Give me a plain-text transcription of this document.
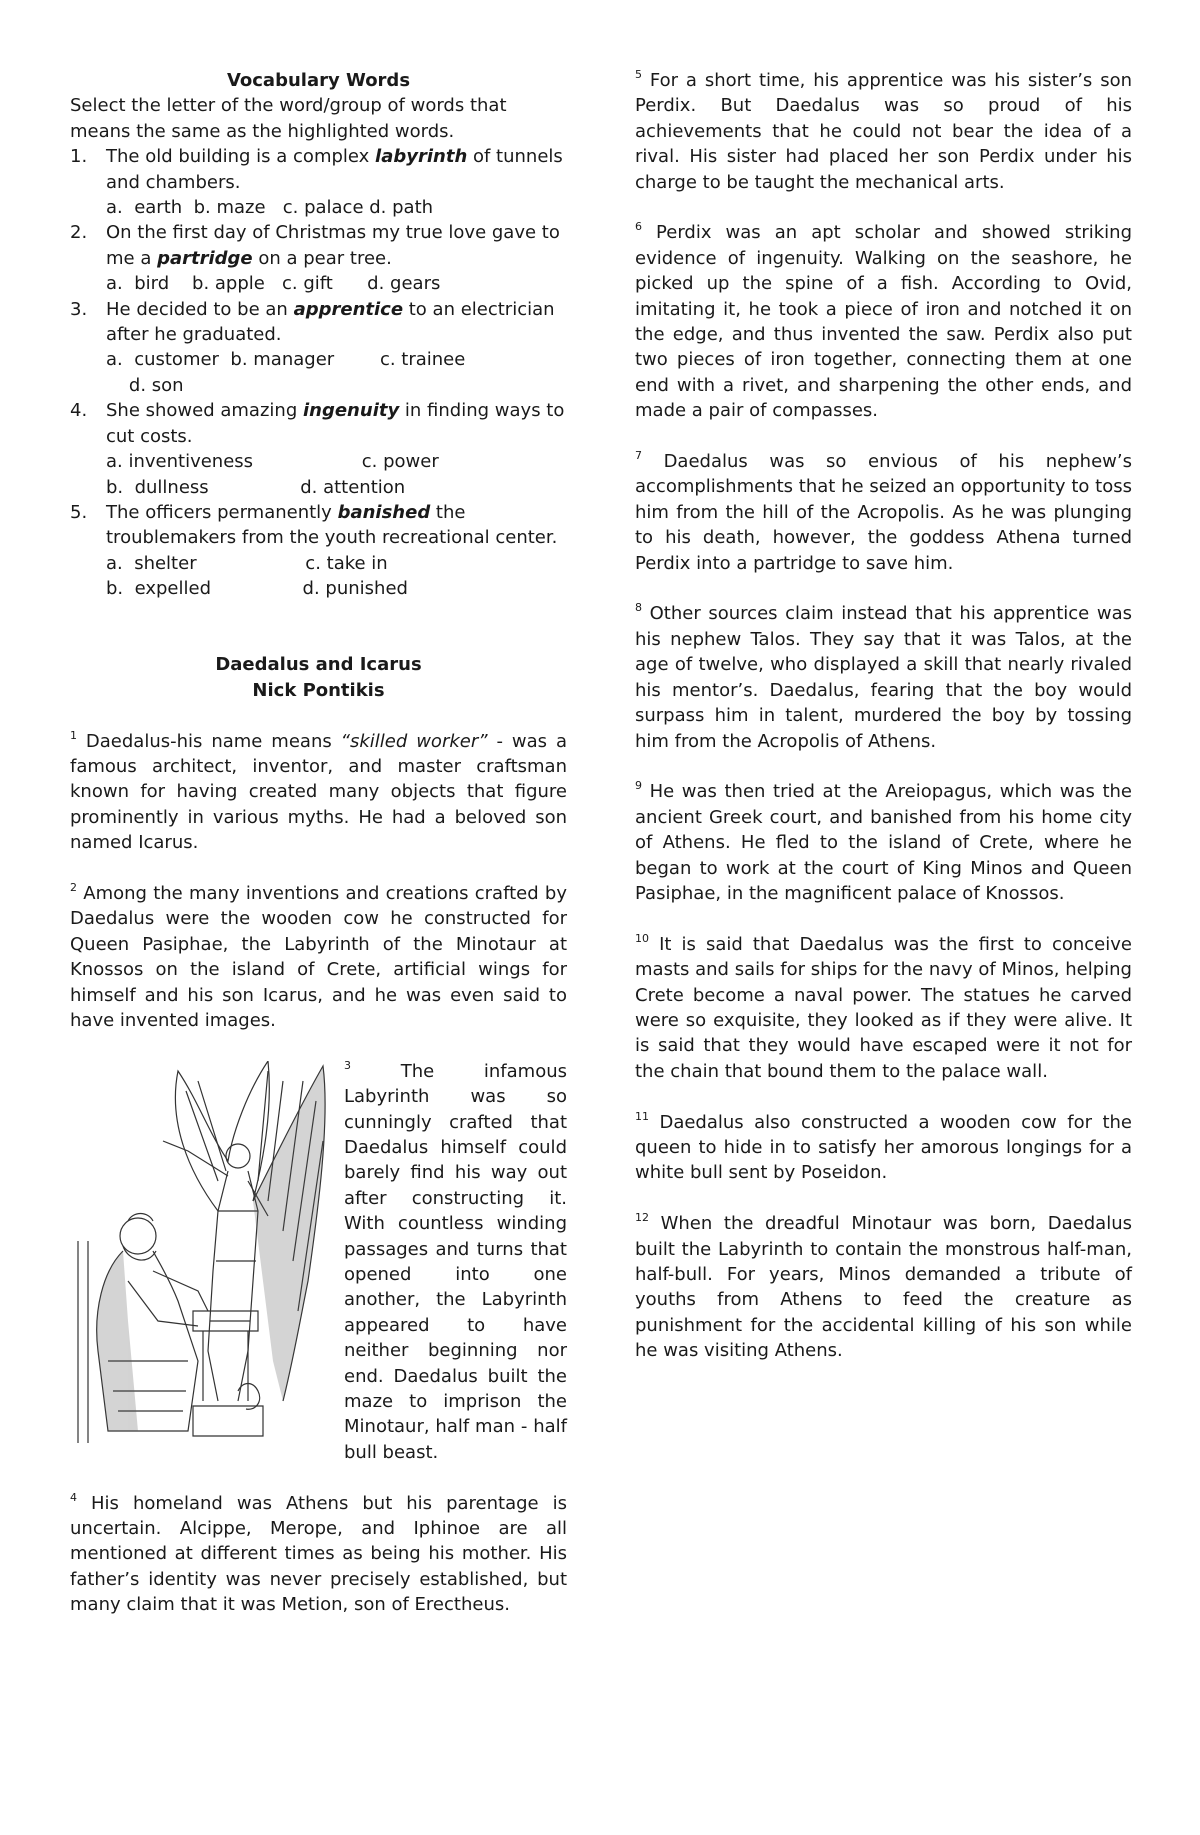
Vocabulary Words

Select the letter of the word/group of words that means the same as the highlighted words.

1.	The old building is a complex labyrinth of tunnels and chambers.
a.  earth  b. maze   c. palace d. path
2.	On the first day of Christmas my true love gave to me a partridge on a pear tree.
a.  bird    b. apple   c. gift      d. gears
3.	He decided to be an apprentice to an electrician after he graduated.
a.  customer  b. manager        c. trainee
d. son
4.	She showed amazing ingenuity in finding ways to cut costs.
a. inventiveness                   c. power
b.  dullness                d. attention
5.	The officers permanently banished the troublemakers from the youth recreational center.
a.  shelter                   c. take in
b.  expelled                d. punished

Daedalus and Icarus

Nick Pontikis

$^1$ Daedalus-his name means “skilled worker” - was a famous architect, inventor, and master craftsman known for having created many objects that figure prominently in various myths. He had a beloved son named Icarus.

$^2$ Among the many inventions and creations crafted by Daedalus were the wooden cow he constructed for Queen Pasiphae, the Labyrinth of the Minotaur at Knossos on the island of Crete, artificial wings for himself and his son Icarus, and he was even said to have invented images.

$^3$ The infamous Labyrinth was so cunningly crafted that Daedalus himself could barely find his way out after constructing it. With countless winding passages and turns that opened into one another, the Labyrinth appeared to have neither beginning nor end. Daedalus built the maze to imprison the Minotaur, half man - half bull beast.

$^4$ His homeland was Athens but his parentage is uncertain. Alcippe, Merope, and Iphinoe are all mentioned at different times as being his mother. His father’s identity was never precisely established, but many claim that it was Metion, son of Erectheus.

$^5$ For a short time, his apprentice was his sister’s son Perdix. But Daedalus was so proud of his achievements that he could not bear the idea of a rival. His sister had placed her son Perdix under his charge to be taught the mechanical arts.

$^6$ Perdix was an apt scholar and showed striking evidence of ingenuity. Walking on the seashore, he picked up the spine of a fish. According to Ovid, imitating it, he took a piece of iron and notched it on the edge, and thus invented the saw. Perdix also put two pieces of iron together, connecting them at one end with a rivet, and sharpening the other ends, and made a pair of compasses.

$^7$ Daedalus was so envious of his nephew’s accomplishments that he seized an opportunity to toss him from the hill of the Acropolis. As he was plunging to his death, however, the goddess Athena turned Perdix into a partridge to save him.

$^8$ Other sources claim instead that his apprentice was his nephew Talos. They say that it was Talos, at the age of twelve, who displayed a skill that nearly rivaled his mentor’s. Daedalus, fearing that the boy would surpass him in talent, murdered the boy by tossing him from the Acropolis of Athens.

$^9$ He was then tried at the Areiopagus, which was the ancient Greek court, and banished from his home city of Athens. He fled to the island of Crete, where he began to work at the court of King Minos and Queen Pasiphae, in the magnificent palace of Knossos.

$^{10}$ It is said that Daedalus was the first to conceive masts and sails for ships for the navy of Minos, helping Crete become a naval power. The statues he carved were so exquisite, they looked as if they were alive. It is said that they would have escaped were it not for the chain that bound them to the palace wall.

$^{11}$ Daedalus also constructed a wooden cow for the queen to hide in to satisfy her amorous longings for a white bull sent by Poseidon.

$^{12}$ When the dreadful Minotaur was born, Daedalus built the Labyrinth to contain the monstrous half-man, half-bull. For years, Minos demanded a tribute of youths from Athens to feed the creature as punishment for the accidental killing of his son while he was visiting Athens.
